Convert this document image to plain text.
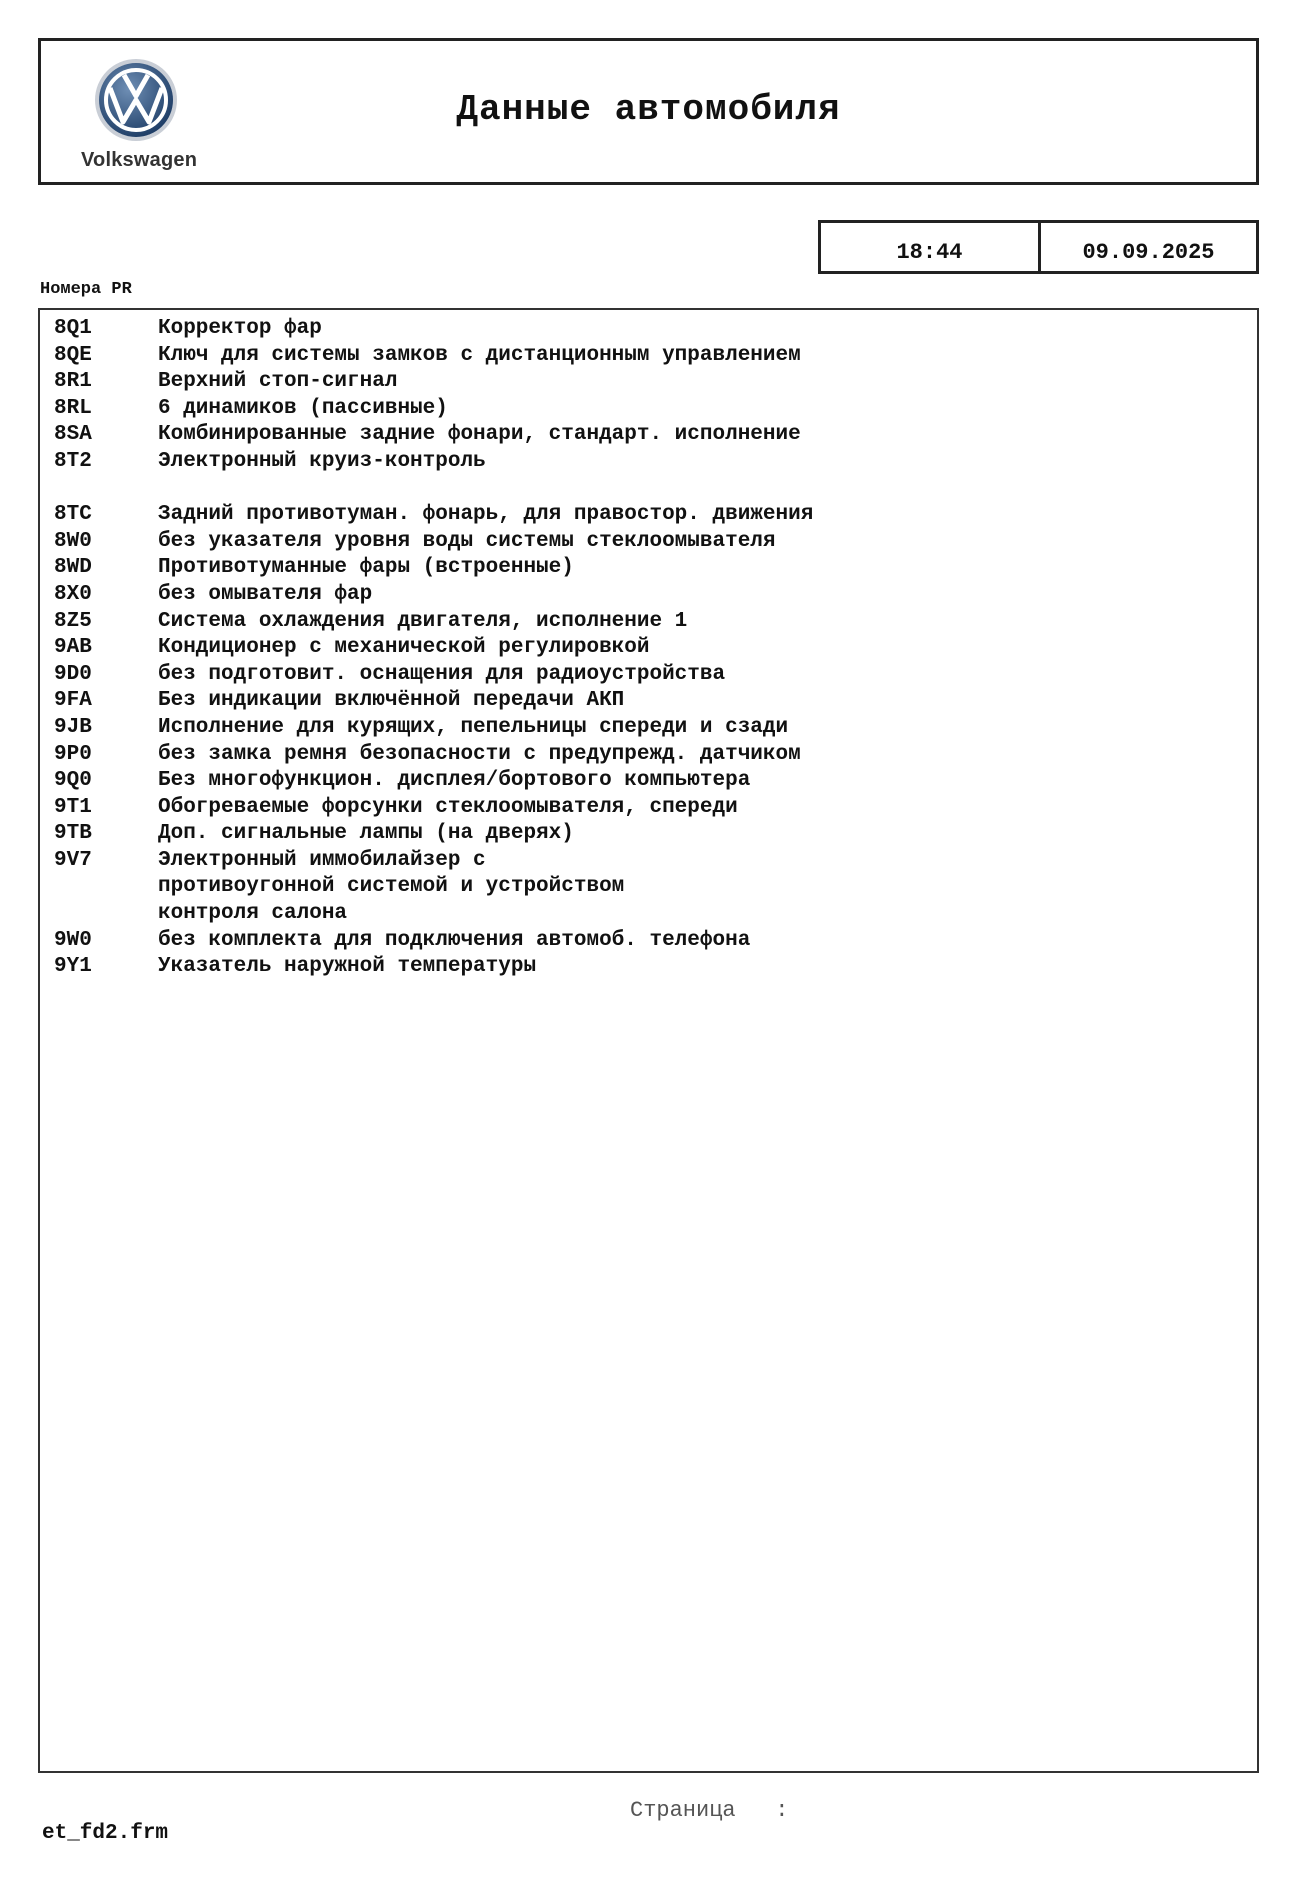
Volkswagen
Данные автомобиля
18:44	09.09.2025
Номера PR
8Q1	Корректор фар
8QE	Ключ для системы замков с дистанционным управлением
8R1	Верхний стоп-сигнал
8RL	6 динамиков (пассивные)
8SA	Комбинированные задние фонари, стандарт. исполнение
8T2	Электронный круиз-контроль
8TC	Задний противотуман. фонарь, для правостор. движения
8W0	без указателя уровня воды системы стеклоомывателя
8WD	Противотуманные фары (встроенные)
8X0	без омывателя фар
8Z5	Система охлаждения двигателя, исполнение 1
9AB	Кондиционер с механической регулировкой
9D0	без подготовит. оснащения для радиоустройства
9FA	Без индикации включённой передачи АКП
9JB	Исполнение для курящих, пепельницы спереди и сзади
9P0	без замка ремня безопасности с предупрежд. датчиком
9Q0	Без многофункцион. дисплея/бортового компьютера
9T1	Обогреваемые форсунки стеклоомывателя, спереди
9TB	Доп. сигнальные лампы (на дверях)
9V7	Электронный иммобилайзер с
противоугонной системой и устройством
контроля салона
9W0	без комплекта для подключения автомоб. телефона
9Y1	Указатель наружной температуры
Страница   :
et_fd2.frm
